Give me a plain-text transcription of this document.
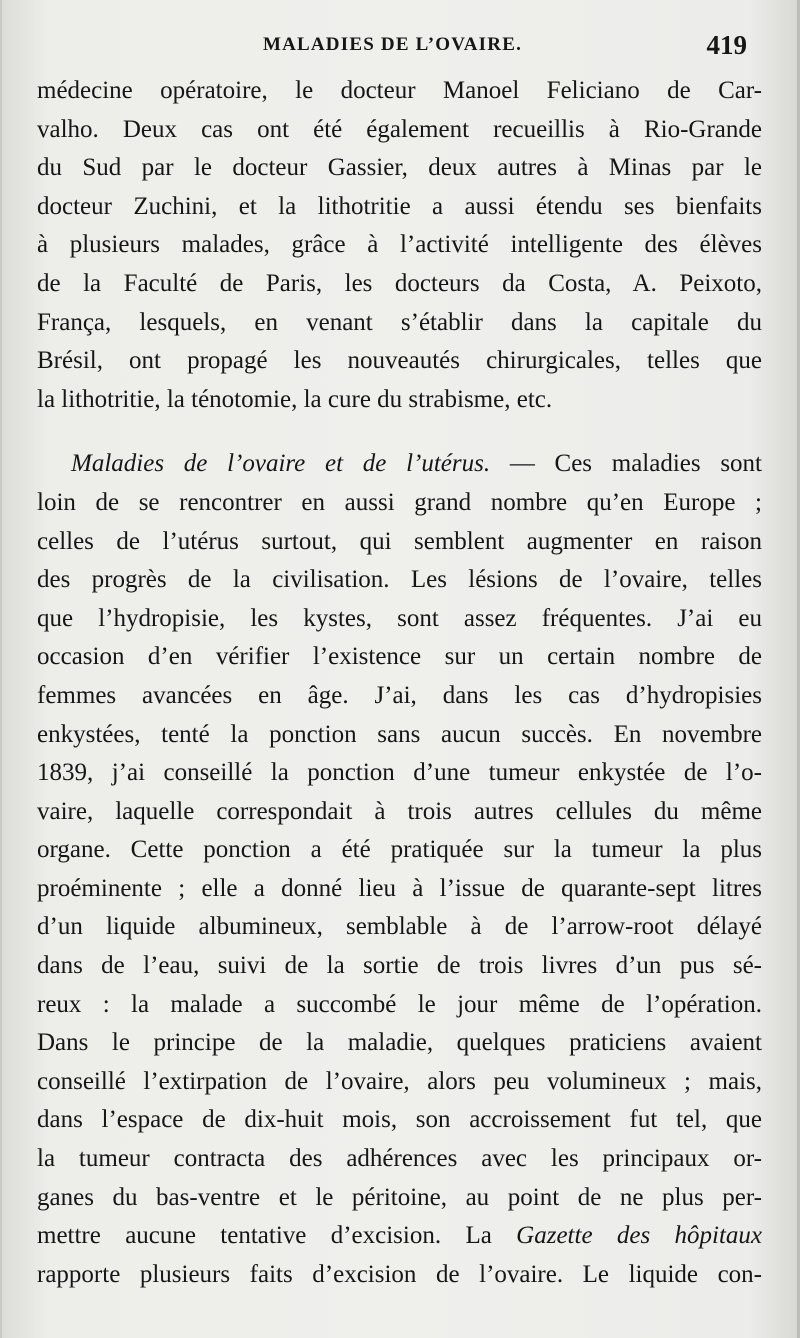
MALADIES DE L’OVAIRE.	419
médecine opératoire, le docteur Manoel Feliciano de Car-
valho. Deux cas ont été également recueillis à Rio-Grande
du Sud par le docteur Gassier, deux autres à Minas par le
docteur Zuchini, et la lithotritie a aussi étendu ses bienfaits
à plusieurs malades, grâce à l’activité intelligente des élèves
de la Faculté de Paris, les docteurs da Costa, A. Peixoto,
França, lesquels, en venant s’établir dans la capitale du
Brésil, ont propagé les nouveautés chirurgicales, telles que
la lithotritie, la ténotomie, la cure du strabisme, etc.
Maladies de l’ovaire et de l’utérus. — Ces maladies sont
loin de se rencontrer en aussi grand nombre qu’en Europe ;
celles de l’utérus surtout, qui semblent augmenter en raison
des progrès de la civilisation. Les lésions de l’ovaire, telles
que l’hydropisie, les kystes, sont assez fréquentes. J’ai eu
occasion d’en vérifier l’existence sur un certain nombre de
femmes avancées en âge. J’ai, dans les cas d’hydropisies
enkystées, tenté la ponction sans aucun succès. En novembre
1839, j’ai conseillé la ponction d’une tumeur enkystée de l’o-
vaire, laquelle correspondait à trois autres cellules du même
organe. Cette ponction a été pratiquée sur la tumeur la plus
proéminente ; elle a donné lieu à l’issue de quarante-sept litres
d’un liquide albumineux, semblable à de l’arrow-root délayé
dans de l’eau, suivi de la sortie de trois livres d’un pus sé-
reux : la malade a succombé le jour même de l’opération.
Dans le principe de la maladie, quelques praticiens avaient
conseillé l’extirpation de l’ovaire, alors peu volumineux ; mais,
dans l’espace de dix-huit mois, son accroissement fut tel, que
la tumeur contracta des adhérences avec les principaux or-
ganes du bas-ventre et le péritoine, au point de ne plus per-
mettre aucune tentative d’excision. La Gazette des hôpitaux
rapporte plusieurs faits d’excision de l’ovaire. Le liquide con-
